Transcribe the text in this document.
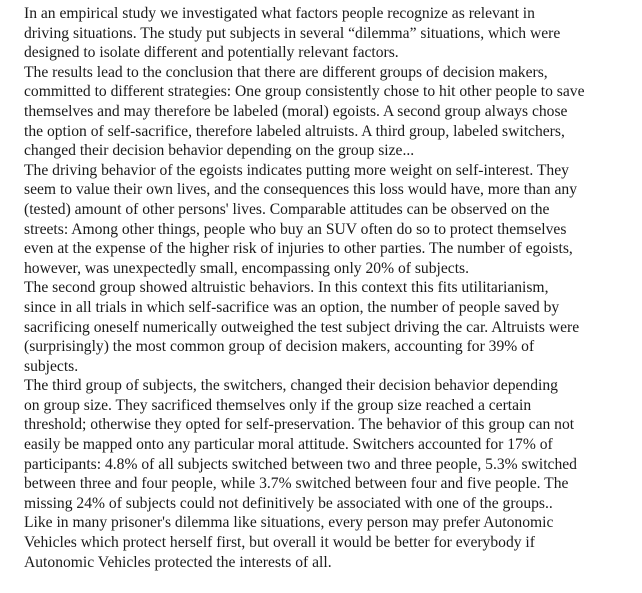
In an empirical study we investigated what factors people recognize as relevant in
driving situations. The study put subjects in several “dilemma” situations, which were
designed to isolate different and potentially relevant factors.

The results lead to the conclusion that there are different groups of decision makers,
committed to different strategies: One group consistently chose to hit other people to save
themselves and may therefore be labeled (moral) egoists. A second group always chose
the option of self-sacrifice, therefore labeled altruists. A third group, labeled switchers,
changed their decision behavior depending on the group size...

The driving behavior of the egoists indicates putting more weight on self-interest. They
seem to value their own lives, and the consequences this loss would have, more than any
(tested) amount of other persons' lives. Comparable attitudes can be observed on the
streets: Among other things, people who buy an SUV often do so to protect themselves
even at the expense of the higher risk of injuries to other parties. The number of egoists,
however, was unexpectedly small, encompassing only 20% of subjects.

The second group showed altruistic behaviors. In this context this fits utilitarianism,
since in all trials in which self-sacrifice was an option, the number of people saved by
sacrificing oneself numerically outweighed the test subject driving the car. Altruists were
(surprisingly) the most common group of decision makers, accounting for 39% of
subjects.

The third group of subjects, the switchers, changed their decision behavior depending
on group size. They sacrificed themselves only if the group size reached a certain
threshold; otherwise they opted for self-preservation. The behavior of this group can not
easily be mapped onto any particular moral attitude. Switchers accounted for 17% of
participants: 4.8% of all subjects switched between two and three people, 5.3% switched
between three and four people, while 3.7% switched between four and five people. The
missing 24% of subjects could not definitively be associated with one of the groups..

Like in many prisoner's dilemma like situations, every person may prefer Autonomic
Vehicles which protect herself first, but overall it would be better for everybody if
Autonomic Vehicles protected the interests of all.
